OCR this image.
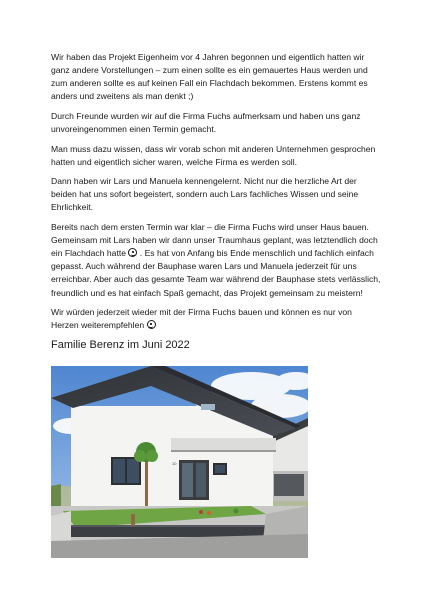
Wir haben das Projekt Eigenheim vor 4 Jahren begonnen und eigentlich hatten wir ganz andere Vorstellungen – zum einen sollte es ein gemauertes Haus werden und zum anderen sollte es auf keinen Fall ein Flachdach bekommen. Erstens kommt es anders und zweitens als man denkt ;)

Durch Freunde wurden wir auf die Firma Fuchs aufmerksam und haben uns ganz unvoreingenommen einen Termin gemacht.

Man muss dazu wissen, dass wir vorab schon mit anderen Unternehmen gesprochen hatten und eigentlich sicher waren, welche Firma es werden soll.

Dann haben wir Lars und Manuela kennengelernt. Nicht nur die herzliche Art der beiden hat uns sofort begeistert, sondern auch Lars fachliches Wissen und seine Ehrlichkeit.

Bereits nach dem ersten Termin war klar – die Firma Fuchs wird unser Haus bauen. Gemeinsam mit Lars haben wir dann unser Traumhaus geplant, was letztendlich doch ein Flachdach hatte
. Es hat von Anfang bis Ende menschlich und fachlich einfach gepasst. Auch während der Bauphase waren Lars und Manuela jederzeit für uns erreichbar. Aber auch das gesamte Team war während der Bauphase stets verlässlich, freundlich und es hat einfach Spaß gemacht, das Projekt gemeinsam zu meistern!

Wir würden jederzeit wieder mit der Firma Fuchs bauen und können es nur von Herzen weiterempfehlen

Familie Berenz im Juni 2022
10
